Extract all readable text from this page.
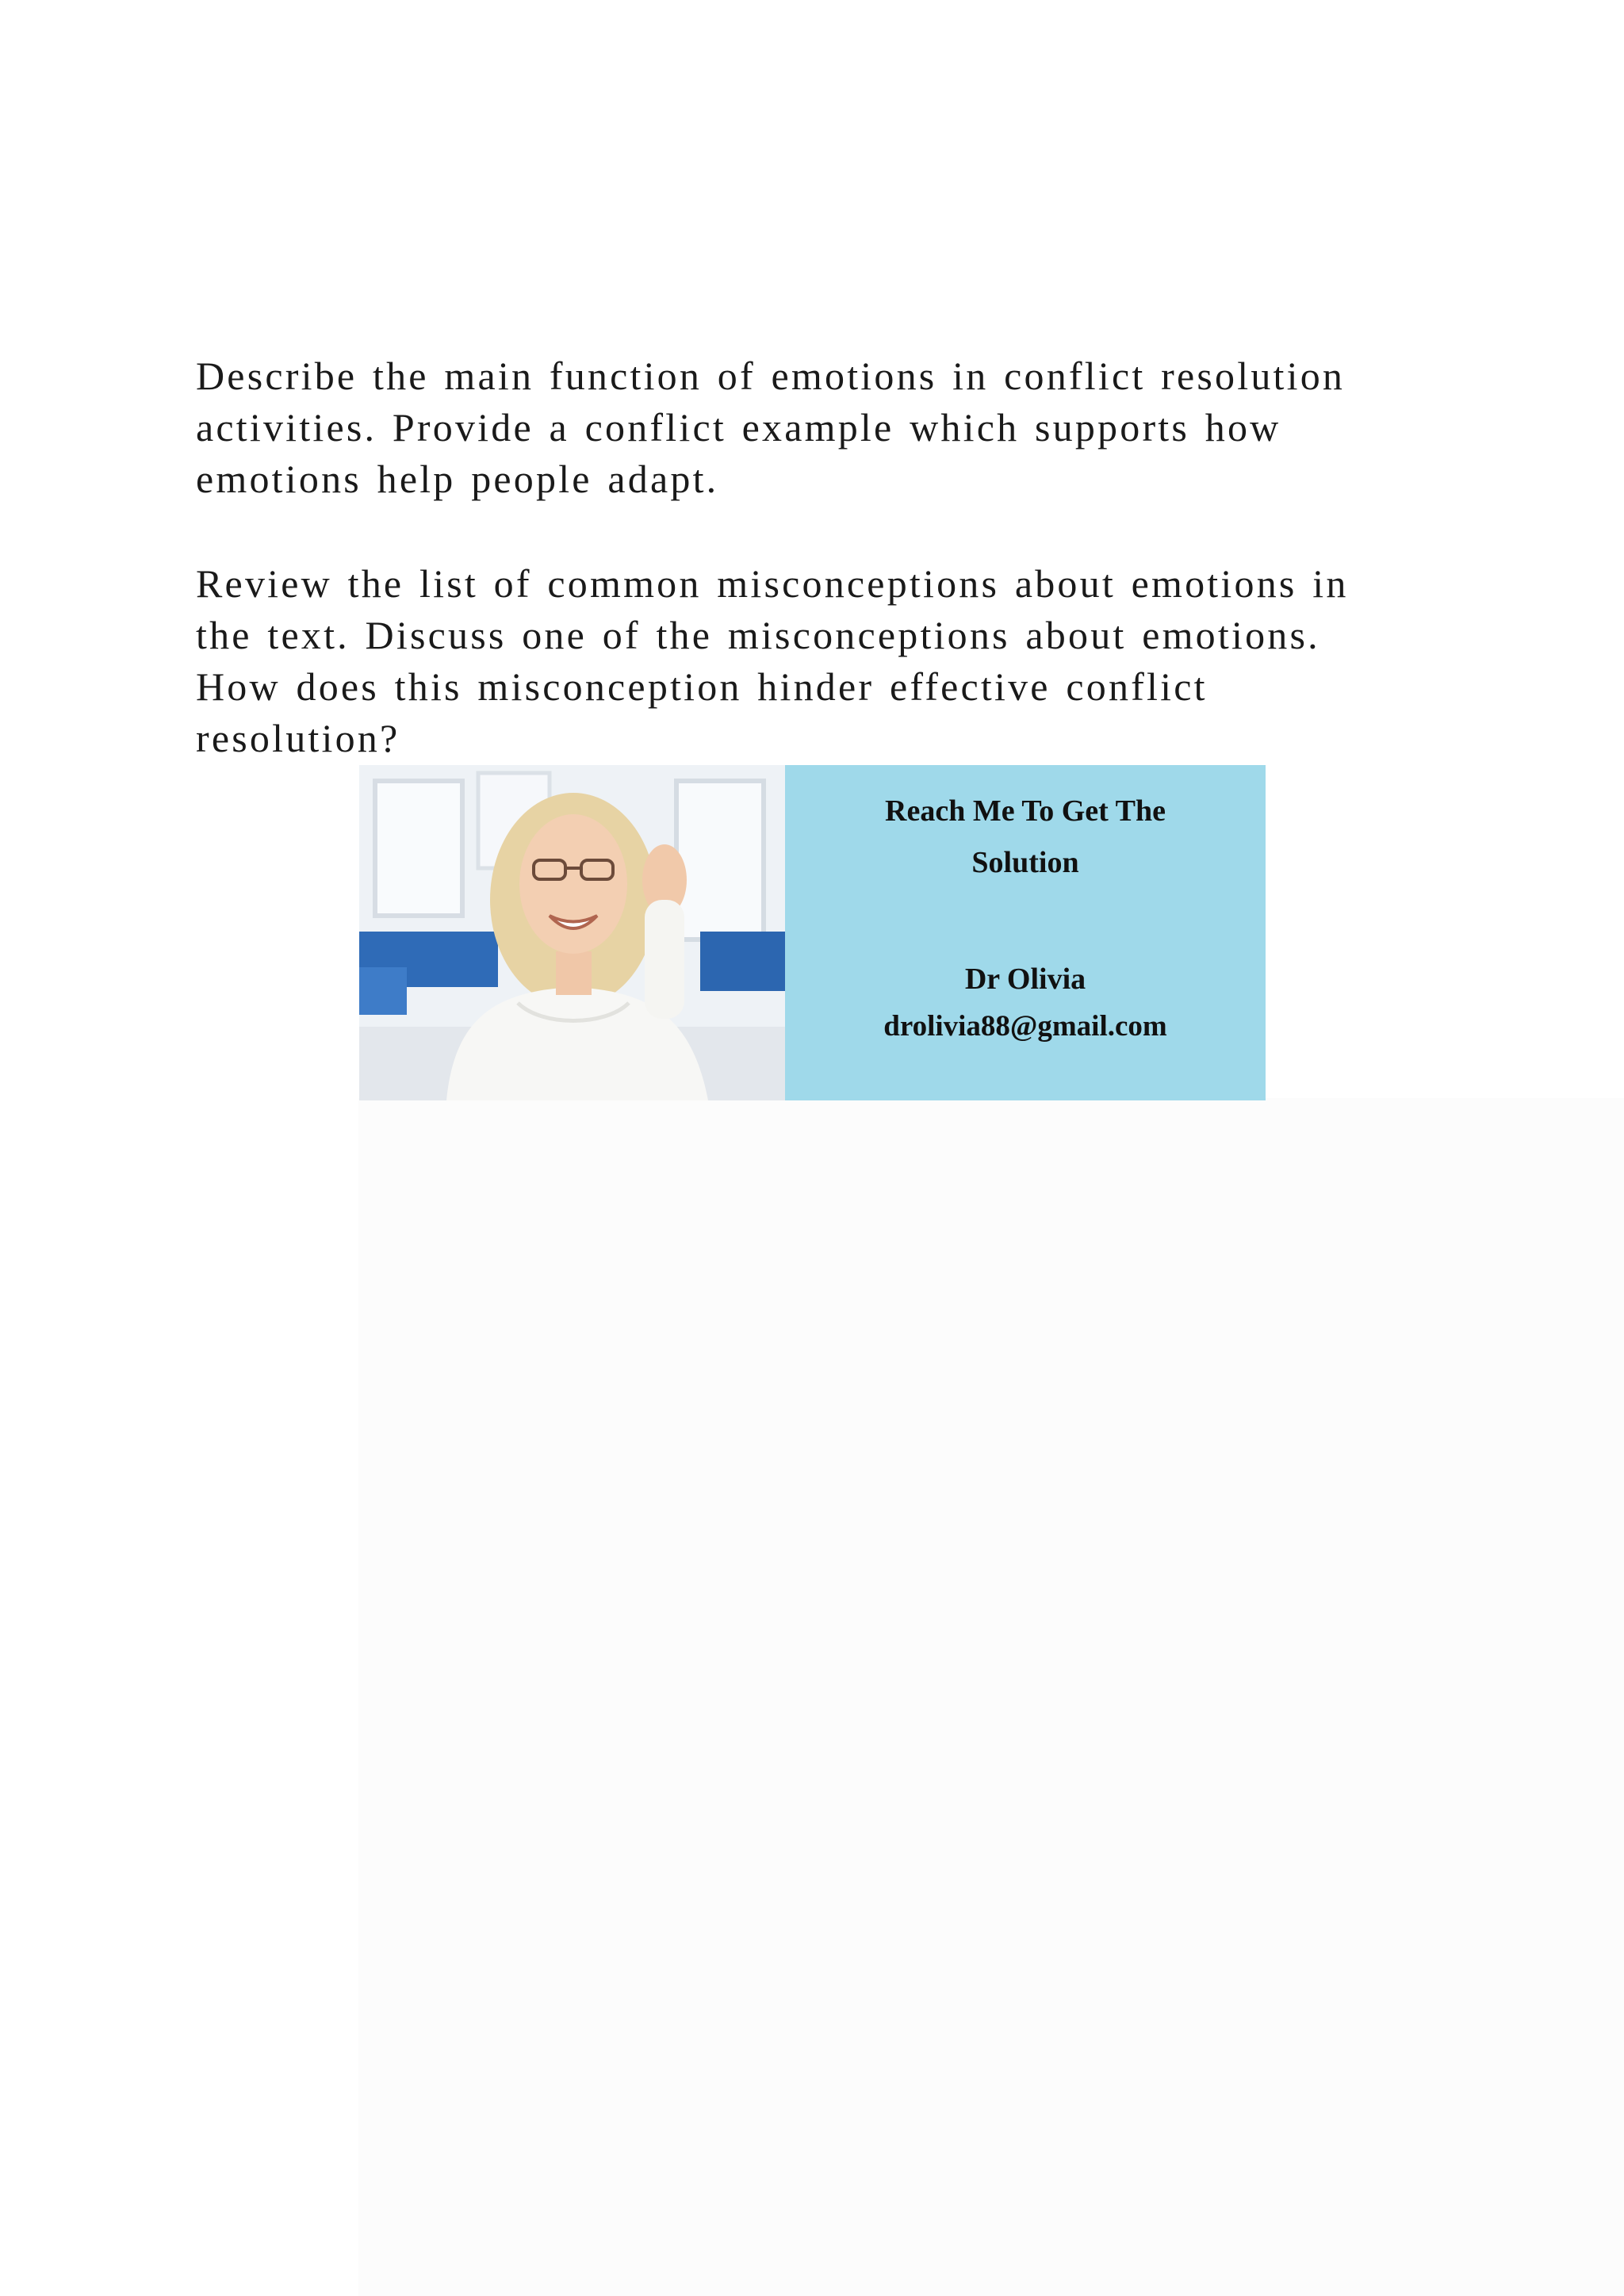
Describe the main function of emotions in conflict resolution
activities. Provide a conflict example which supports how
emotions help people adapt.

Review the list of common misconceptions about emotions in
the text. Discuss one of the misconceptions about emotions.
How does this misconception hinder effective conflict
resolution?

Reach Me To Get The
Solution
Dr Olivia
drolivia88@gmail.com
